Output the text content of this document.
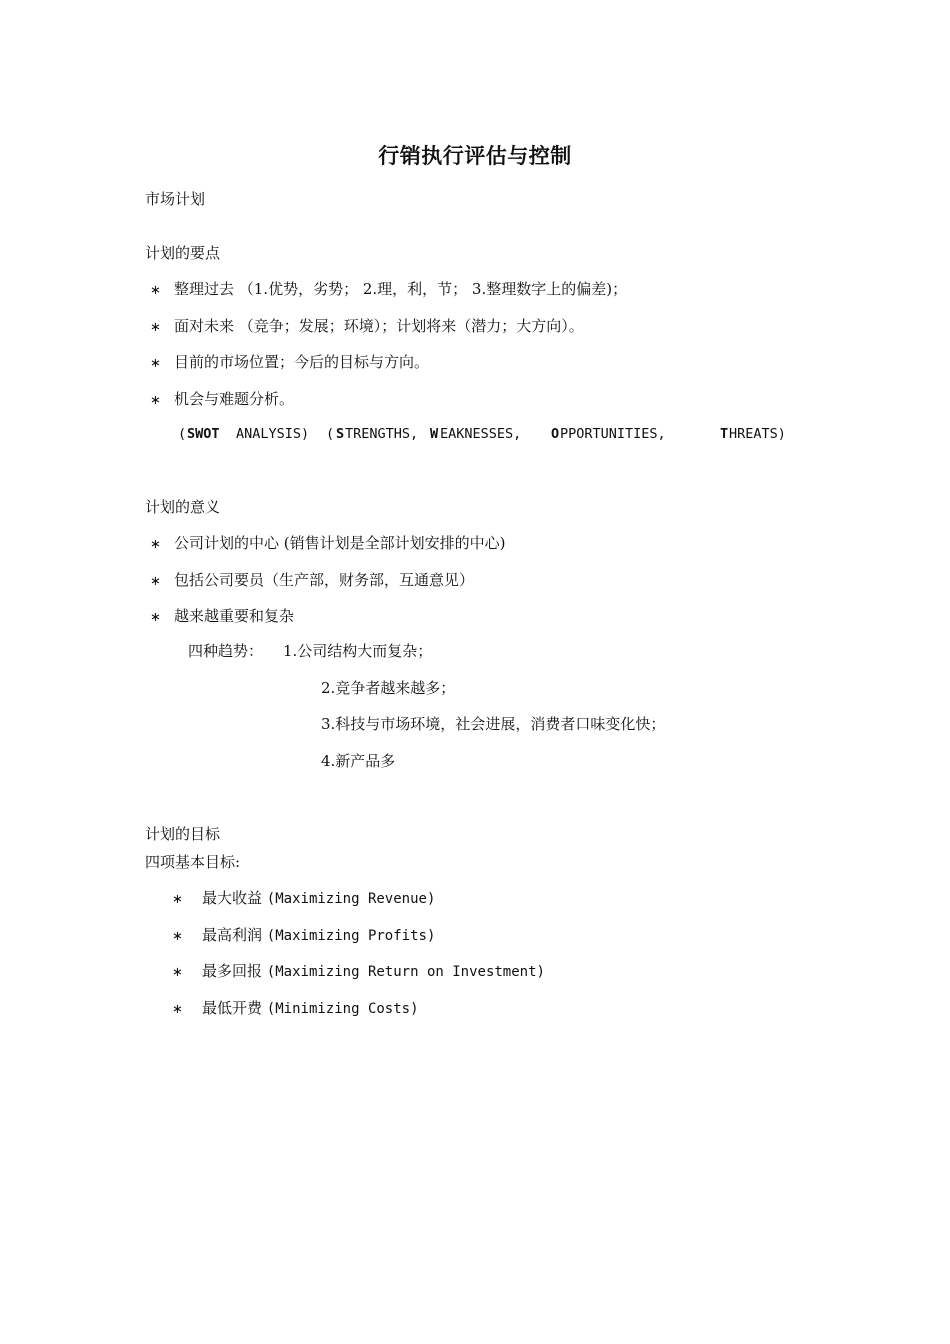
行销执行评估与控制
市场计划
计划的要点
∗ 整理过去 （1.优势，劣势； 2.理，利，节； 3.整理数字上的偏差)；
∗ 面对未来 （竞争；发展；环境）；计划将来（潜力；大方向）。
∗ 目前的市场位置；今后的目标与方向。
∗ 机会与难题分析。
( SWOT ANALYSIS) ( S TRENGTHS, W EAKNESSES, O PPORTUNITIES,	T HREATS)
计划的意义
∗ 公司计划的中心 (销售计划是全部计划安排的中心)
∗ 包括公司要员（生产部，财务部，互通意见）
∗ 越来越重要和复杂
四种趋势： 1.公司结构大而复杂；
2.竞争者越来越多；
3.科技与市场环境，社会进展，消费者口味变化快；
4.新产品多
计划的目标
四项基本目标:
∗ 最大收益 (Maximizing Revenue)
∗ 最高利润 (Maximizing Profits)
∗ 最多回报 (Maximizing Return on Investment)
∗ 最低开费 (Minimizing Costs)
